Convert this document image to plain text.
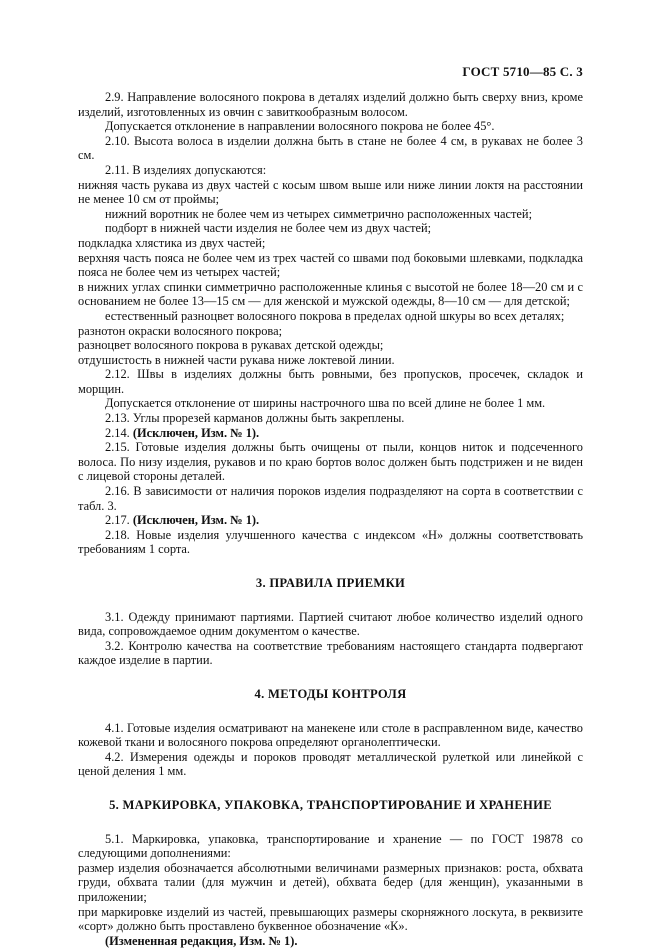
ГОСТ 5710—85 С. 3

2.9. Направление волосяного покрова в деталях изделий должно быть сверху вниз, кроме изделий, изготовленных из овчин с завиткообразным волосом.

Допускается отклонение в направлении волосяного покрова не более 45°.

2.10. Высота волоса в изделии должна быть в стане не более 4 см, в рукавах не более 3 см.

2.11. В изделиях допускаются:

нижняя часть рукава из двух частей с косым швом выше или ниже линии локтя на расстоянии не менее 10 см от проймы;

нижний воротник не более чем из четырех симметрично расположенных частей;

подборт в нижней части изделия не более чем из двух частей;

подкладка хлястика из двух частей;

верхняя часть пояса не более чем из трех частей со швами под боковыми шлевками, подкладка пояса не более чем из четырех частей;

в нижних углах спинки симметрично расположенные клинья с высотой не более 18—20 см и с основанием не более 13—15 см — для женской и мужской одежды, 8—10 см — для детской;

естественный разноцвет волосяного покрова в пределах одной шкуры во всех деталях;

разнотон окраски волосяного покрова;

разноцвет волосяного покрова в рукавах детской одежды;

отдушистость в нижней части рукава ниже локтевой линии.

2.12. Швы в изделиях должны быть ровными, без пропусков, просечек, складок и морщин.

Допускается отклонение от ширины настрочного шва по всей длине не более 1 мм.

2.13. Углы прорезей карманов должны быть закреплены.

2.14. (Исключен, Изм. № 1).

2.15. Готовые изделия должны быть очищены от пыли, концов ниток и подсеченного волоса. По низу изделия, рукавов и по краю бортов волос должен быть подстрижен и не виден с лицевой стороны деталей.

2.16. В зависимости от наличия пороков изделия подразделяют на сорта в соответствии с табл. 3.

2.17. (Исключен, Изм. № 1).

2.18. Новые изделия улучшенного качества с индексом «Н» должны соответствовать требованиям 1 сорта.

3. ПРАВИЛА ПРИЕМКИ

3.1. Одежду принимают партиями. Партией считают любое количество изделий одного вида, сопровождаемое одним документом о качестве.

3.2. Контролю качества на соответствие требованиям настоящего стандарта подвергают каждое изделие в партии.

4. МЕТОДЫ КОНТРОЛЯ

4.1. Готовые изделия осматривают на манекене или столе в расправленном виде, качество кожевой ткани и волосяного покрова определяют органолептически.

4.2. Измерения одежды и пороков проводят металлической рулеткой или линейкой с ценой деления 1 мм.

5. МАРКИРОВКА, УПАКОВКА, ТРАНСПОРТИРОВАНИЕ И ХРАНЕНИЕ

5.1. Маркировка, упаковка, транспортирование и хранение — по ГОСТ 19878 со следующими дополнениями:

размер изделия обозначается абсолютными величинами размерных признаков: роста, обхвата груди, обхвата талии (для мужчин и детей), обхвата бедер (для женщин), указанными в приложении;

при маркировке изделий из частей, превышающих размеры скорняжного лоскута, в реквизите «сорт» должно быть проставлено буквенное обозначение «К».

(Измененная редакция, Изм. № 1).
